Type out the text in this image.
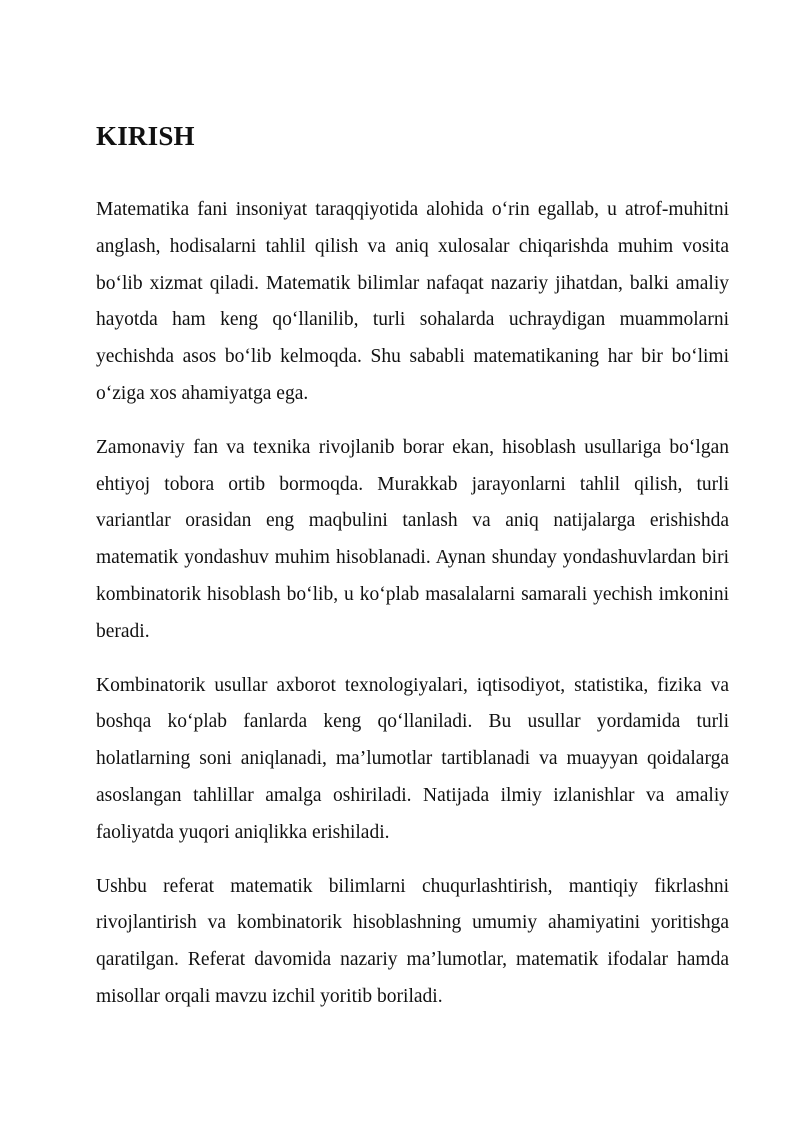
KIRISH

Matematika fani insoniyat taraqqiyotida alohida o‘rin egallab, u atrof-muhitni anglash, hodisalarni tahlil qilish va aniq xulosalar chiqarishda muhim vosita bo‘lib xizmat qiladi. Matematik bilimlar nafaqat nazariy jihatdan, balki amaliy hayotda ham keng qo‘llanilib, turli sohalarda uchraydigan muammolarni yechishda asos bo‘lib kelmoqda. Shu sababli matematikaning har bir bo‘limi o‘ziga xos ahamiyatga ega.

Zamonaviy fan va texnika rivojlanib borar ekan, hisoblash usullariga bo‘lgan ehtiyoj tobora ortib bormoqda. Murakkab jarayonlarni tahlil qilish, turli variantlar orasidan eng maqbulini tanlash va aniq natijalarga erishishda matematik yondashuv muhim hisoblanadi. Aynan shunday yondashuvlardan biri kombinatorik hisoblash bo‘lib, u ko‘plab masalalarni samarali yechish imkonini beradi.

Kombinatorik usullar axborot texnologiyalari, iqtisodiyot, statistika, fizika va boshqa ko‘plab fanlarda keng qo‘llaniladi. Bu usullar yordamida turli holatlarning soni aniqlanadi, ma’lumotlar tartiblanadi va muayyan qoidalarga asoslangan tahlillar amalga oshiriladi. Natijada ilmiy izlanishlar va amaliy faoliyatda yuqori aniqlikka erishiladi.

Ushbu referat matematik bilimlarni chuqurlashtirish, mantiqiy fikrlashni rivojlantirish va kombinatorik hisoblashning umumiy ahamiyatini yoritishga qaratilgan. Referat davomida nazariy ma’lumotlar, matematik ifodalar hamda misollar orqali mavzu izchil yoritib boriladi.
